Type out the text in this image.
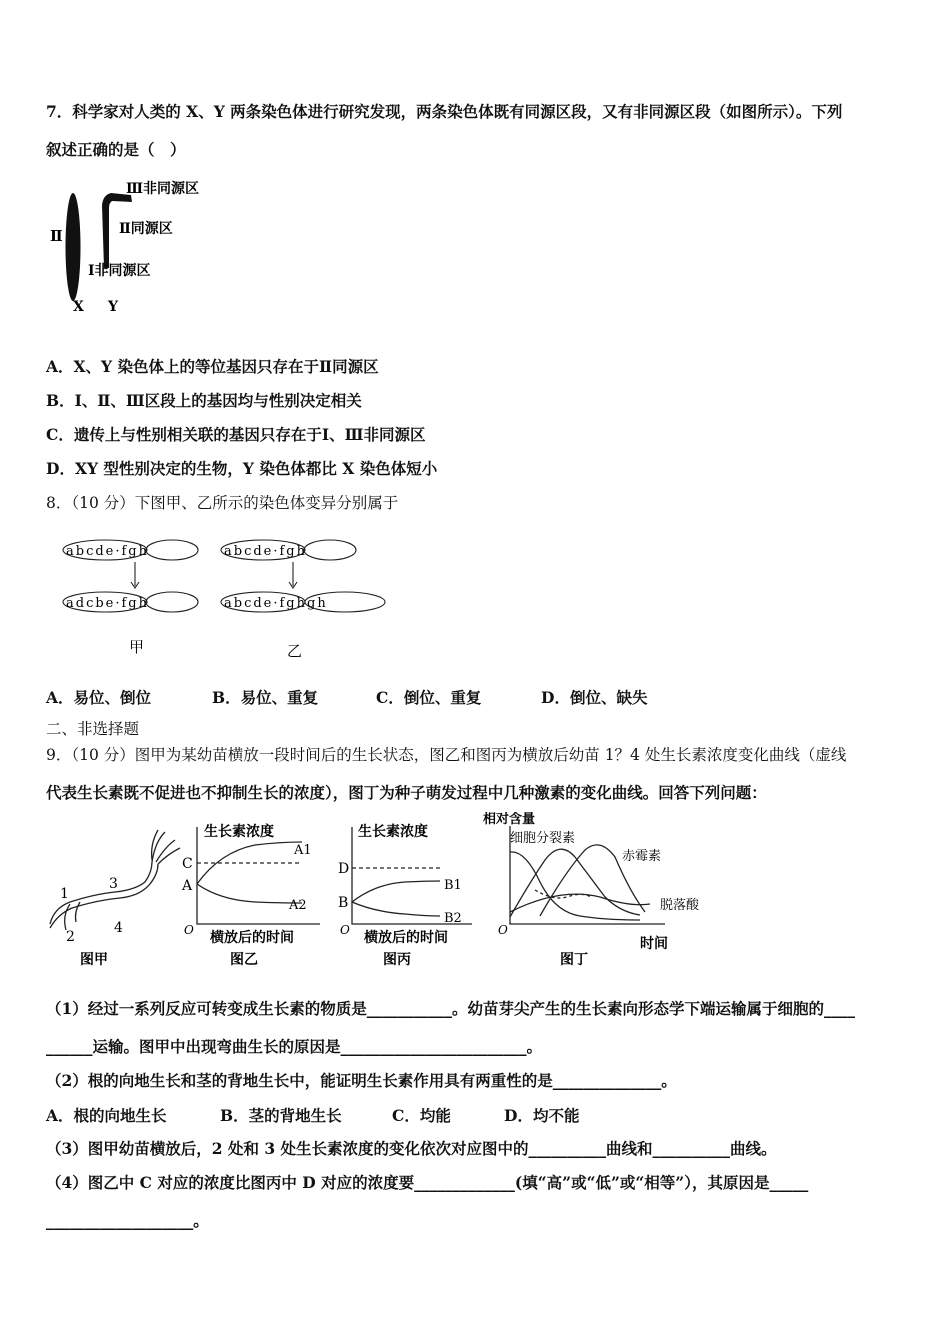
7．科学家对人类的 X、Y 两条染色体进行研究发现，两条染色体既有同源区段，又有非同源区段（如图所示）。下列
叙述正确的是（　）
Ⅲ非同源区
Ⅱ同源区
Ⅰ非同源区
Ⅱ
X Y
A．X、Y 染色体上的等位基因只存在于Ⅱ同源区
B．Ⅰ、Ⅱ、Ⅲ区段上的基因均与性别决定相关
C．遗传上与性别相关联的基因只存在于Ⅰ、Ⅲ非同源区
D．XY 型性别决定的生物，Y 染色体都比 X 染色体短小
8．（10 分）下图甲、乙所示的染色体变异分别属于
abcde·fgh
adcbe·fgh
abcde·fgh
abcde·fghgh
甲	乙
A．易位、倒位	B．易位、重复	C．倒位、重复	D．倒位、缺失
二、非选择题
9．（10 分）图甲为某幼苗横放一段时间后的生长状态，图乙和图丙为横放后幼苗 1？4 处生长素浓度变化曲线（虚线
代表生长素既不促进也不抑制生长的浓度），图丁为种子萌发过程中几种激素的变化曲线。回答下列问题：
1
2
3
4
图甲
生长素浓度
C
A
A1
A2
O 横放后的时间
图乙
生长素浓度
D
B
B1
B2
O 横放后的时间
图丙
相对含量
细胞分裂素
赤霉素
脱落酸
O
时间
图丁
（1）经过一系列反应可转变成生长素的物质是___________。幼苗芽尖产生的生长素向形态学下端运输属于细胞的____
______运输。图甲中出现弯曲生长的原因是________________________。
（2）根的向地生长和茎的背地生长中，能证明生长素作用具有两重性的是______________。
A．根的向地生长	B．茎的背地生长	C．均能	D．均不能
（3）图甲幼苗横放后，2 处和 3 处生长素浓度的变化依次对应图中的__________曲线和__________曲线。
（4）图乙中 C 对应的浓度比图丙中 D 对应的浓度要_____________(填“高”或“低”或“相等”），其原因是_____
___________________。
